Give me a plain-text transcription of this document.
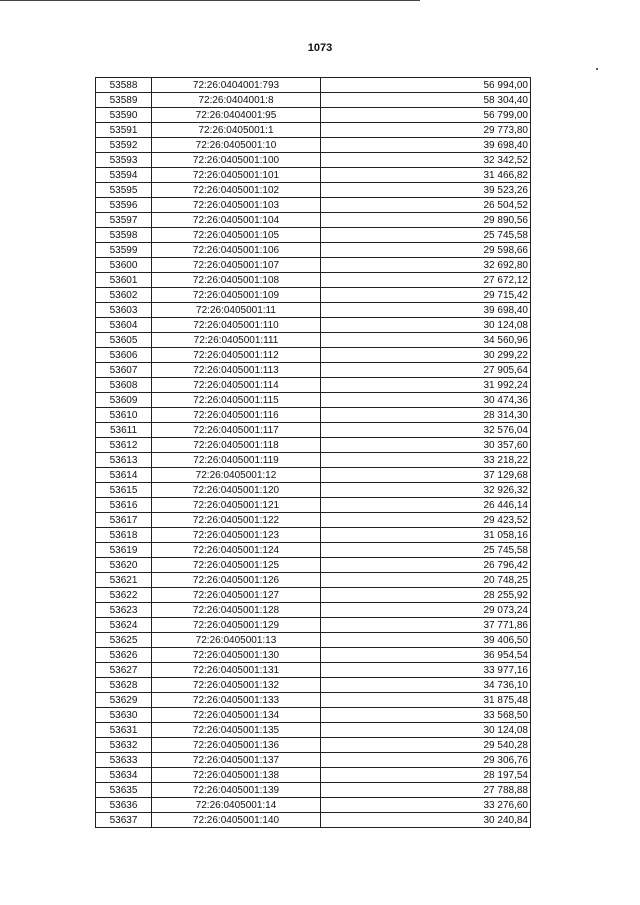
1073
53588	72:26:0404001:793	56 994,00
53589	72:26:0404001:8	58 304,40
53590	72:26:0404001:95	56 799,00
53591	72:26:0405001:1	29 773,80
53592	72:26:0405001:10	39 698,40
53593	72:26:0405001:100	32 342,52
53594	72:26:0405001:101	31 466,82
53595	72:26:0405001:102	39 523,26
53596	72:26:0405001:103	26 504,52
53597	72:26:0405001:104	29 890,56
53598	72:26:0405001:105	25 745,58
53599	72:26:0405001:106	29 598,66
53600	72:26:0405001:107	32 692,80
53601	72:26:0405001:108	27 672,12
53602	72:26:0405001:109	29 715,42
53603	72:26:0405001:11	39 698,40
53604	72:26:0405001:110	30 124,08
53605	72:26:0405001:111	34 560,96
53606	72:26:0405001:112	30 299,22
53607	72:26:0405001:113	27 905,64
53608	72:26:0405001:114	31 992,24
53609	72:26:0405001:115	30 474,36
53610	72:26:0405001:116	28 314,30
53611	72:26:0405001:117	32 576,04
53612	72:26:0405001:118	30 357,60
53613	72:26:0405001:119	33 218,22
53614	72:26:0405001:12	37 129,68
53615	72:26:0405001:120	32 926,32
53616	72:26:0405001:121	26 446,14
53617	72:26:0405001:122	29 423,52
53618	72:26:0405001:123	31 058,16
53619	72:26:0405001:124	25 745,58
53620	72:26:0405001:125	26 796,42
53621	72:26:0405001:126	20 748,25
53622	72:26:0405001:127	28 255,92
53623	72:26:0405001:128	29 073,24
53624	72:26:0405001:129	37 771,86
53625	72:26:0405001:13	39 406,50
53626	72:26:0405001:130	36 954,54
53627	72:26:0405001:131	33 977,16
53628	72:26:0405001:132	34 736,10
53629	72:26:0405001:133	31 875,48
53630	72:26:0405001:134	33 568,50
53631	72:26:0405001:135	30 124,08
53632	72:26:0405001:136	29 540,28
53633	72:26:0405001:137	29 306,76
53634	72:26:0405001:138	28 197,54
53635	72:26:0405001:139	27 788,88
53636	72:26:0405001:14	33 276,60
53637	72:26:0405001:140	30 240,84
